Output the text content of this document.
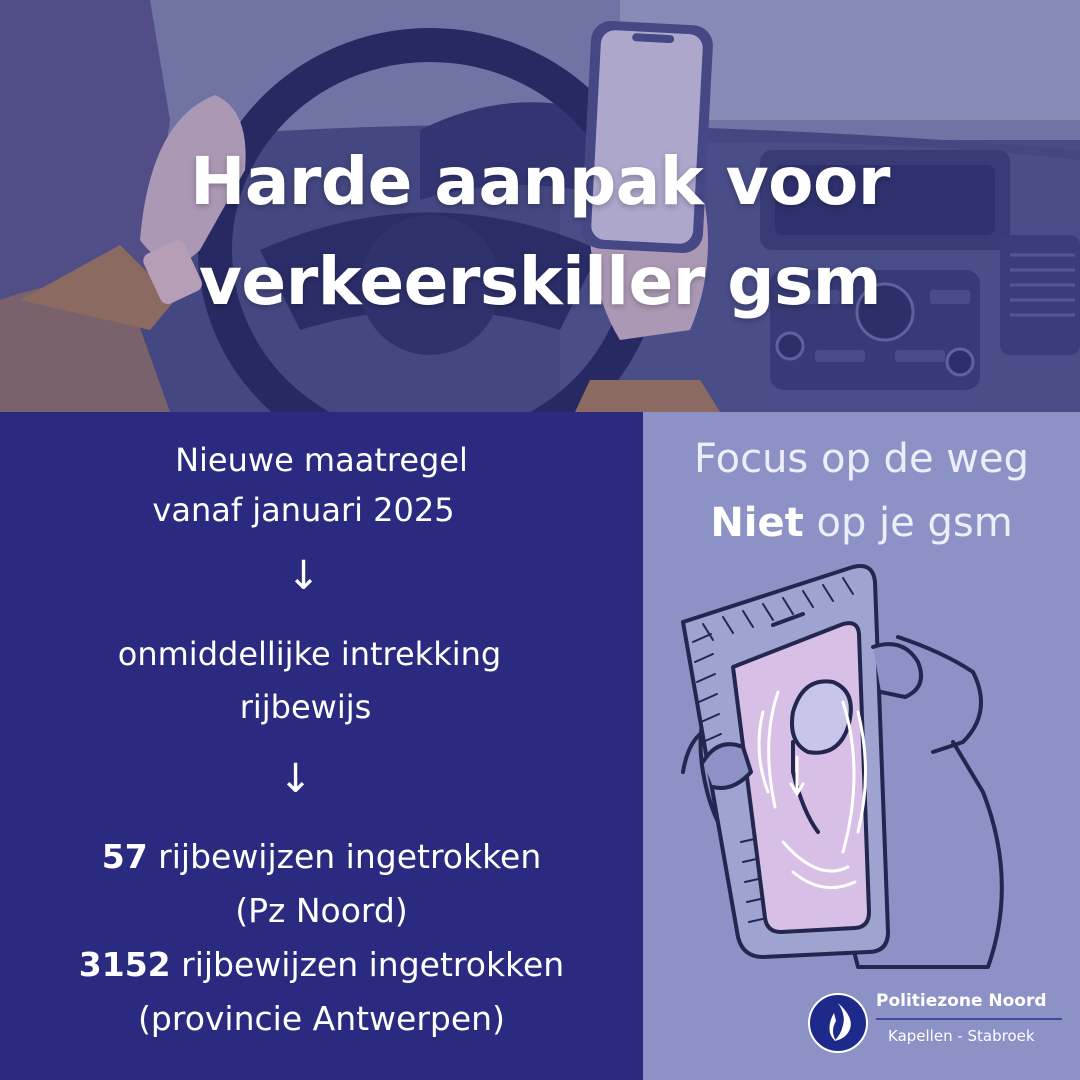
Harde aanpak voor
verkeerskiller gsm
Nieuwe maatregel
vanaf januari 2025
↓
onmiddellijke intrekking
rijbewijs
↓
57 rijbewijzen ingetrokken
(Pz Noord)
3152 rijbewijzen ingetrokken
(provincie Antwerpen)
Focus op de weg
Niet op je gsm
Politiezone Noord
Kapellen - Stabroek
